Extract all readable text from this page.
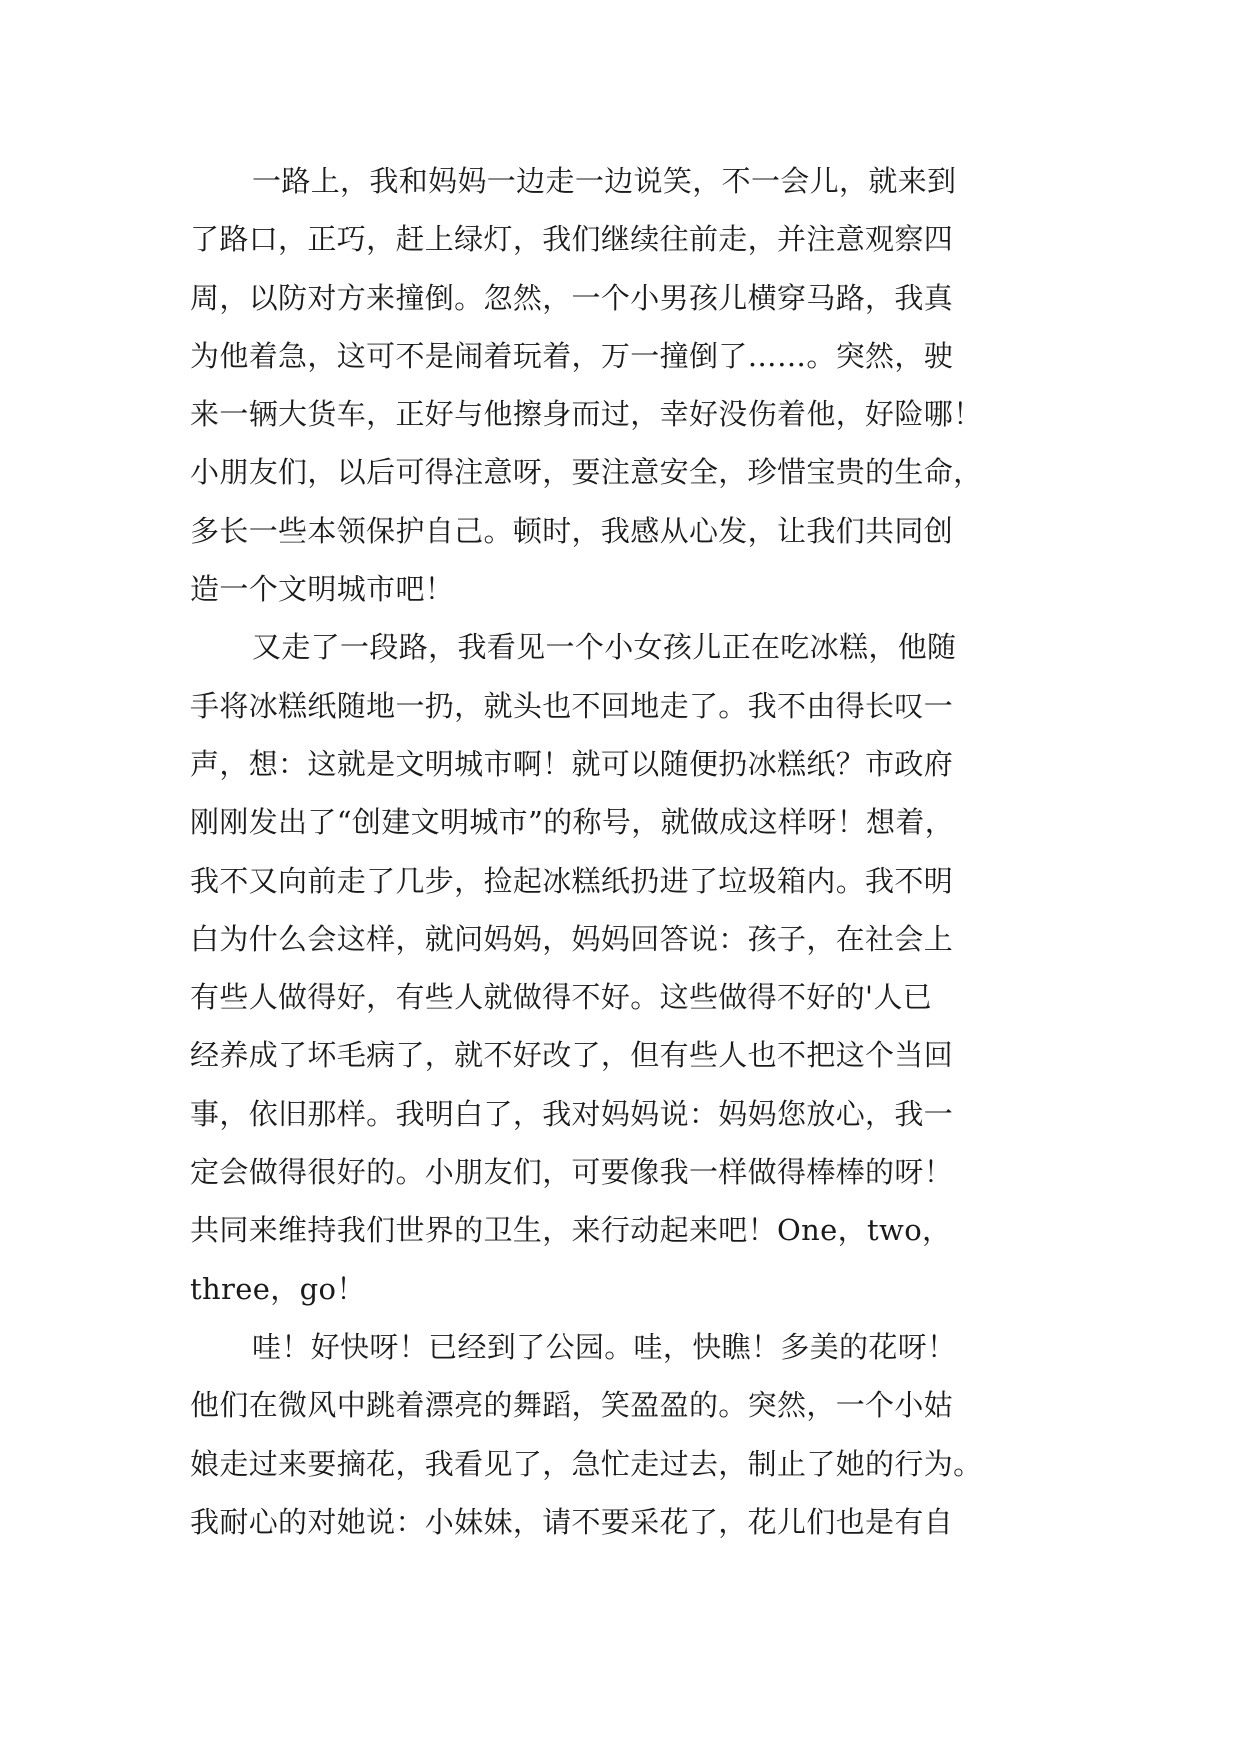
一路上，我和妈妈一边走一边说笑，不一会儿，就来到
了路口，正巧，赶上绿灯，我们继续往前走，并注意观察四
周，以防对方来撞倒。忽然，一个小男孩儿横穿马路，我真
为他着急，这可不是闹着玩着，万一撞倒了……。突然，驶
来一辆大货车，正好与他擦身而过，幸好没伤着他，好险哪！
小朋友们，以后可得注意呀，要注意安全，珍惜宝贵的生命，
多长一些本领保护自己。顿时，我感从心发，让我们共同创
造一个文明城市吧！
又走了一段路，我看见一个小女孩儿正在吃冰糕，他随
手将冰糕纸随地一扔，就头也不回地走了。我不由得长叹一
声，想：这就是文明城市啊！就可以随便扔冰糕纸？市政府
刚刚发出了“创建文明城市”的称号，就做成这样呀！想着，
我不又向前走了几步，捡起冰糕纸扔进了垃圾箱内。我不明
白为什么会这样，就问妈妈，妈妈回答说：孩子，在社会上
有些人做得好，有些人就做得不好。这些做得不好的'人已
经养成了坏毛病了，就不好改了，但有些人也不把这个当回
事，依旧那样。我明白了，我对妈妈说：妈妈您放心，我一
定会做得很好的。小朋友们，可要像我一样做得棒棒的呀！
共同来维持我们世界的卫生，来行动起来吧！One，two，
three，go！
哇！好快呀！已经到了公园。哇，快瞧！多美的花呀！
他们在微风中跳着漂亮的舞蹈，笑盈盈的。突然，一个小姑
娘走过来要摘花，我看见了，急忙走过去，制止了她的行为。
我耐心的对她说：小妹妹，请不要采花了，花儿们也是有自
